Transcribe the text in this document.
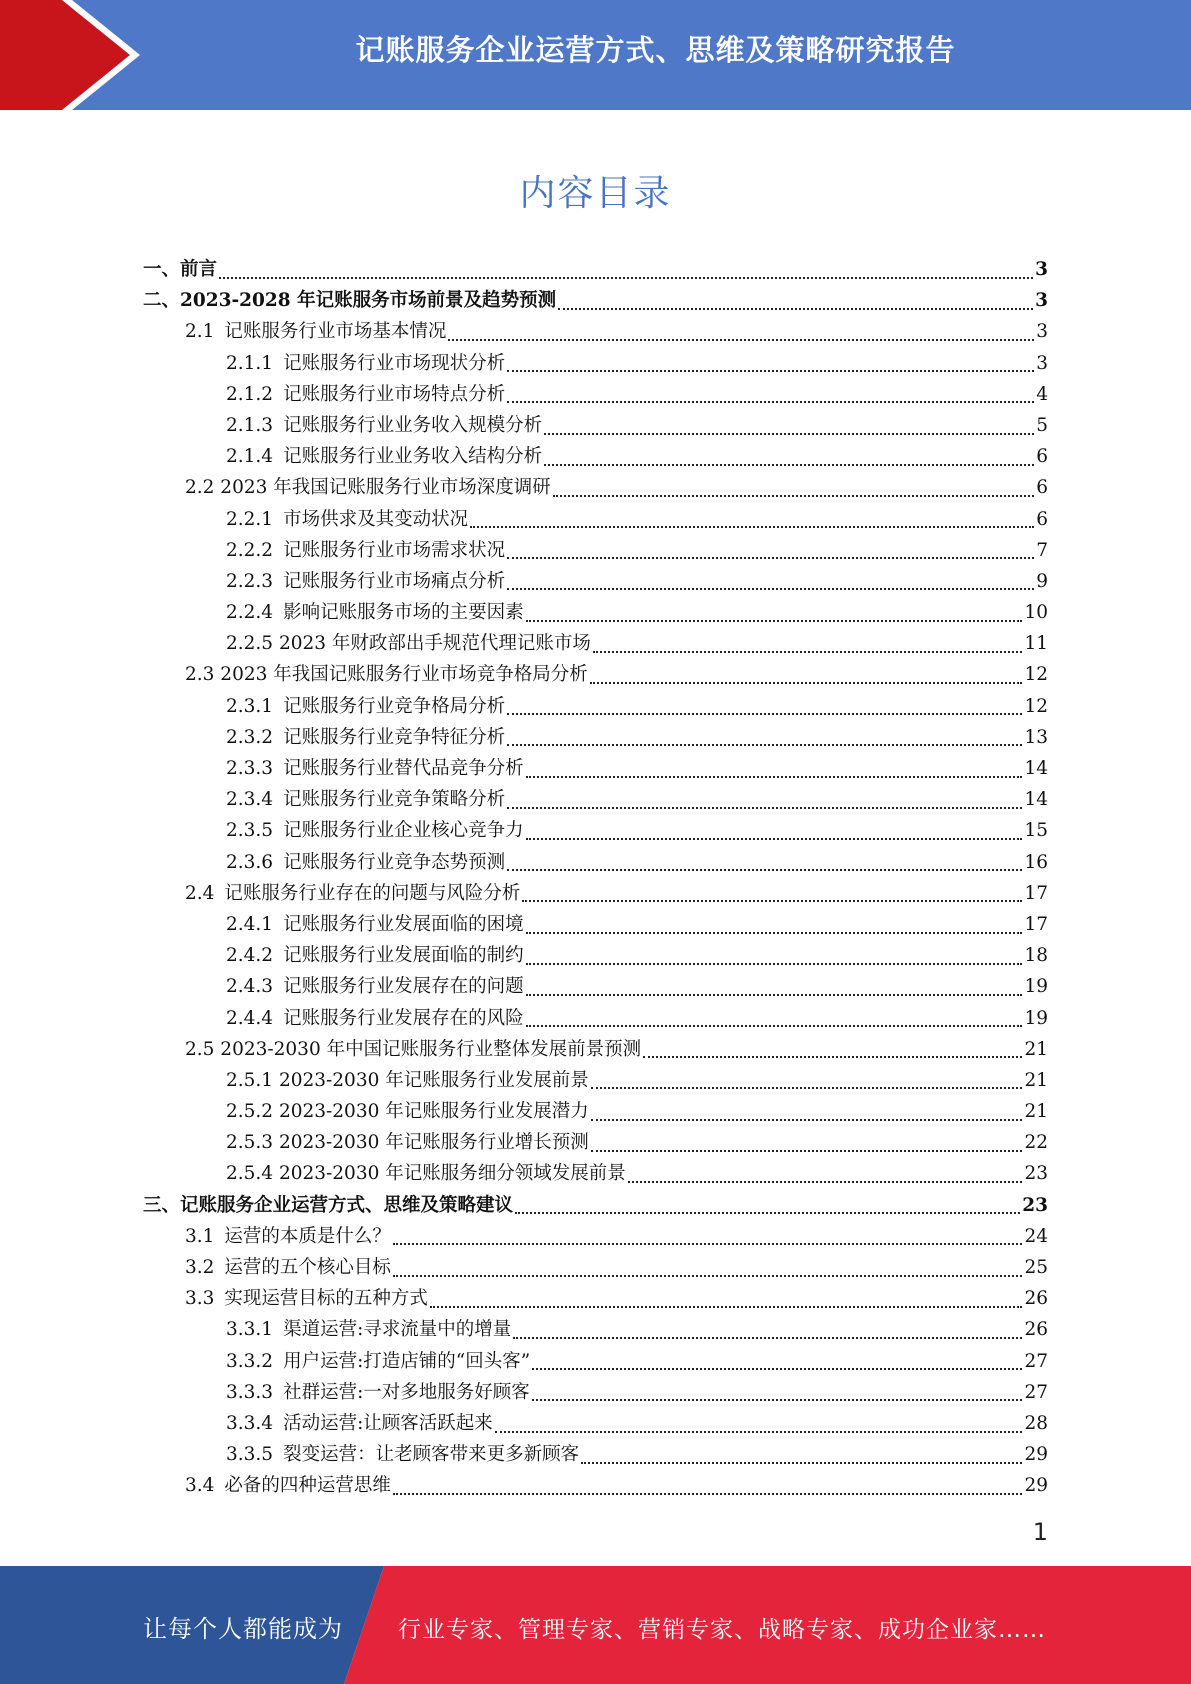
记账服务企业运营方式、思维及策略研究报告
内容目录
一、前言	3
二、2023-2028 年记账服务市场前景及趋势预测	3
2.1 记账服务行业市场基本情况	3
2.1.1 记账服务行业市场现状分析	3
2.1.2 记账服务行业市场特点分析	4
2.1.3 记账服务行业业务收入规模分析	5
2.1.4 记账服务行业业务收入结构分析	6
2.2 2023 年我国记账服务行业市场深度调研	6
2.2.1 市场供求及其变动状况	6
2.2.2 记账服务行业市场需求状况	7
2.2.3 记账服务行业市场痛点分析	9
2.2.4 影响记账服务市场的主要因素	10
2.2.5 2023 年财政部出手规范代理记账市场	11
2.3 2023 年我国记账服务行业市场竞争格局分析	12
2.3.1 记账服务行业竞争格局分析	12
2.3.2 记账服务行业竞争特征分析	13
2.3.3 记账服务行业替代品竞争分析	14
2.3.4 记账服务行业竞争策略分析	14
2.3.5 记账服务行业企业核心竞争力	15
2.3.6 记账服务行业竞争态势预测	16
2.4 记账服务行业存在的问题与风险分析	17
2.4.1 记账服务行业发展面临的困境	17
2.4.2 记账服务行业发展面临的制约	18
2.4.3 记账服务行业发展存在的问题	19
2.4.4 记账服务行业发展存在的风险	19
2.5 2023-2030 年中国记账服务行业整体发展前景预测	21
2.5.1 2023-2030 年记账服务行业发展前景	21
2.5.2 2023-2030 年记账服务行业发展潜力	21
2.5.3 2023-2030 年记账服务行业增长预测	22
2.5.4 2023-2030 年记账服务细分领域发展前景	23
三、记账服务企业运营方式、思维及策略建议	23
3.1 运营的本质是什么？	24
3.2 运营的五个核心目标	25
3.3 实现运营目标的五种方式	26
3.3.1 渠道运营:寻求流量中的增量	26
3.3.2 用户运营:打造店铺的“回头客”	27
3.3.3 社群运营:一对多地服务好顾客	27
3.3.4 活动运营:让顾客活跃起来	28
3.3.5 裂变运营：让老顾客带来更多新顾客	29
3.4 必备的四种运营思维	29
1
让每个人都能成为 行业专家、管理专家、营销专家、战略专家、成功企业家……
